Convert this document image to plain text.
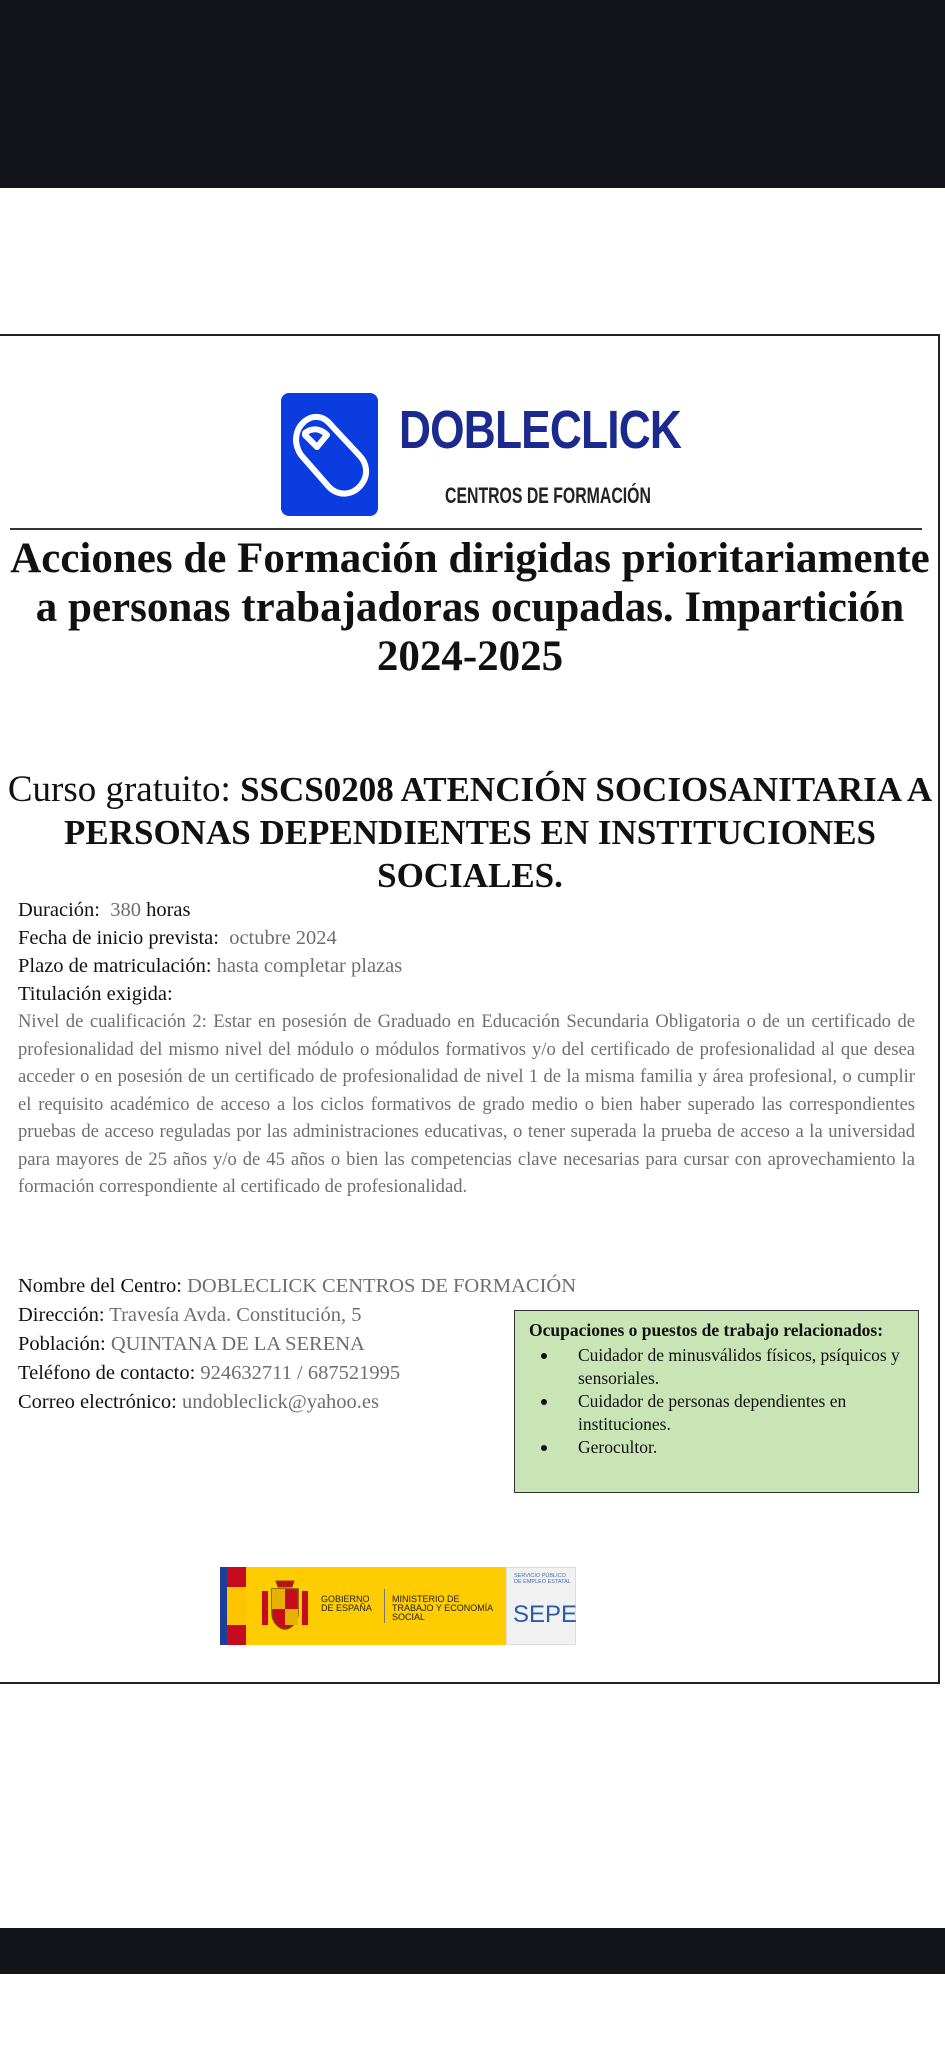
DOBLECLICK
CENTROS DE FORMACIÓN
Acciones de Formación dirigidas prioritariamente a personas trabajadoras ocupadas. Impartición 2024-2025
Curso gratuito: SSCS0208 ATENCIÓN SOCIOSANITARIA A PERSONAS DEPENDIENTES EN INSTITUCIONES SOCIALES.
Duración: 380 horas
Fecha de inicio prevista: octubre 2024
Plazo de matriculación: hasta completar plazas
Titulación exigida:
Nivel de cualificación 2: Estar en posesión de Graduado en Educación Secundaria Obligatoria o de un certificado de profesionalidad del mismo nivel del módulo o módulos formativos y/o del certificado de profesionalidad al que desea acceder o en posesión de un certificado de profesionalidad de nivel 1 de la misma familia y área profesional, o cumplir el requisito académico de acceso a los ciclos formativos de grado medio o bien haber superado las correspondientes pruebas de acceso reguladas por las administraciones educativas, o tener superada la prueba de acceso a la universidad para mayores de 25 años y/o de 45 años o bien las competencias clave necesarias para cursar con aprovechamiento la formación correspondiente al certificado de profesionalidad.
Nombre del Centro: DOBLECLICK CENTROS DE FORMACIÓN
Dirección: Travesía Avda. Constitución, 5
Población: QUINTANA DE LA SERENA
Teléfono de contacto: 924632711 / 687521995
Correo electrónico: undobleclick@yahoo.es
Ocupaciones o puestos de trabajo relacionados:
Cuidador de minusválidos físicos, psíquicos y sensoriales.
Cuidador de personas dependientes en instituciones.
Gerocultor.
GOBIERNO DE ESPAÑA
MINISTERIO DE TRABAJO Y ECONOMÍA SOCIAL
SERVICIO PÚBLICO DE EMPLEO ESTATAL
SEPE
